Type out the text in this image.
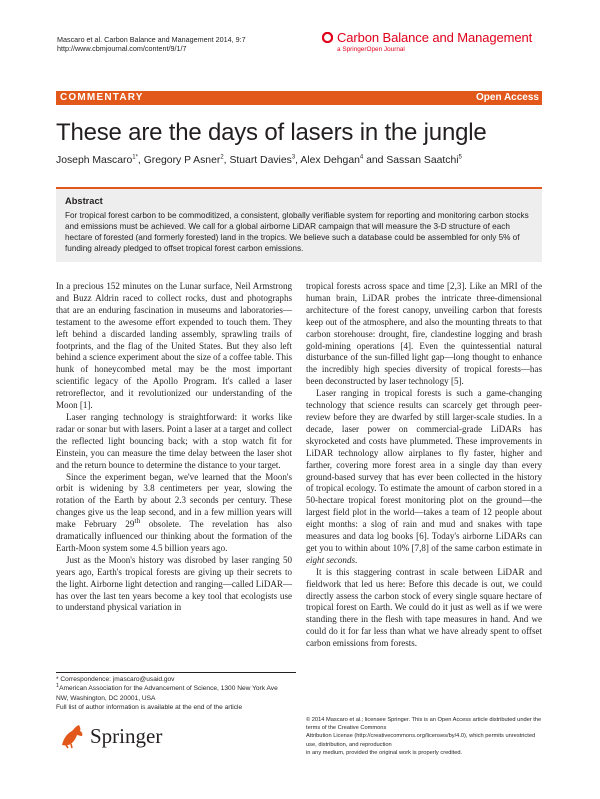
Mascaro et al. Carbon Balance and Management 2014, 9:7
http://www.cbmjournal.com/content/9/1/7
Carbon Balance and Management
a SpringerOpen Journal
COMMENTARY	Open Access
These are the days of lasers in the jungle
Joseph Mascaro$^{1*}$, Gregory P Asner$^2$, Stuart Davies$^3$, Alex Dehgan$^4$ and Sassan Saatchi$^5$
Abstract
For tropical forest carbon to be commoditized, a consistent, globally verifiable system for reporting and monitoring carbon stocks and emissions must be achieved. We call for a global airborne LiDAR campaign that will measure the 3-D structure of each hectare of forested (and formerly forested) land in the tropics. We believe such a database could be assembled for only 5% of funding already pledged to offset tropical forest carbon emissions.

In a precious 152 minutes on the Lunar surface, Neil Armstrong and Buzz Aldrin raced to collect rocks, dust and photographs that are an enduring fascination in museums and laboratories—testament to the awesome effort expended to touch them. They left behind a discarded landing assembly, sprawling trails of footprints, and the flag of the United States. But they also left behind a science experiment about the size of a coffee table. This hunk of honeycombed metal may be the most important scientific legacy of the Apollo Program. It's called a laser retroreflector, and it revolutionized our understanding of the Moon [1].

Laser ranging technology is straightforward: it works like radar or sonar but with lasers. Point a laser at a target and collect the reflected light bouncing back; with a stop watch fit for Einstein, you can measure the time delay between the laser shot and the return bounce to determine the distance to your target.

Since the experiment began, we've learned that the Moon's orbit is widening by 3.8 centimeters per year, slowing the rotation of the Earth by about 2.3 seconds per century. These changes give us the leap second, and in a few million years will make February 29th obsolete. The revelation has also dramatically influenced our thinking about the formation of the Earth-Moon system some 4.5 billion years ago.

Just as the Moon's history was disrobed by laser ranging 50 years ago, Earth's tropical forests are giving up their secrets to the light. Airborne light detection and ranging—called LiDAR—has over the last ten years become a key tool that ecologists use to understand physical variation in

tropical forests across space and time [2,3]. Like an MRI of the human brain, LiDAR probes the intricate three-dimensional architecture of the forest canopy, unveiling carbon that forests keep out of the atmosphere, and also the mounting threats to that carbon storehouse: drought, fire, clandestine logging and brash gold-mining operations [4]. Even the quintessential natural disturbance of the sun-filled light gap—long thought to enhance the incredibly high species diversity of tropical forests—has been deconstructed by laser technology [5].

Laser ranging in tropical forests is such a game-changing technology that science results can scarcely get through peer-review before they are dwarfed by still larger-scale studies. In a decade, laser power on commercial-grade LiDARs has skyrocketed and costs have plummeted. These improvements in LiDAR technology allow airplanes to fly faster, higher and farther, covering more forest area in a single day than every ground-based survey that has ever been collected in the history of tropical ecology. To estimate the amount of carbon stored in a 50-hectare tropical forest monitoring plot on the ground—the largest field plot in the world—takes a team of 12 people about eight months: a slog of rain and mud and snakes with tape measures and data log books [6]. Today's airborne LiDARs can get you to within about 10% [7,8] of the same carbon estimate in eight seconds.

It is this staggering contrast in scale between LiDAR and fieldwork that led us here: Before this decade is out, we could directly assess the carbon stock of every single square hectare of tropical forest on Earth. We could do it just as well as if we were standing there in the flesh with tape measures in hand. And we could do it for far less than what we have already spent to offset carbon emissions from forests.

* Correspondence: jmascaro@usaid.gov
$^1$American Association for the Advancement of Science, 1300 New York Ave
NW, Washington, DC 20001, USA
Full list of author information is available at the end of the article
Springer
© 2014 Mascaro et al.; licensee Springer. This is an Open Access article distributed under the terms of the Creative Commons
Attribution License (http://creativecommons.org/licenses/by/4.0), which permits unrestricted use, distribution, and reproduction
in any medium, provided the original work is properly credited.
